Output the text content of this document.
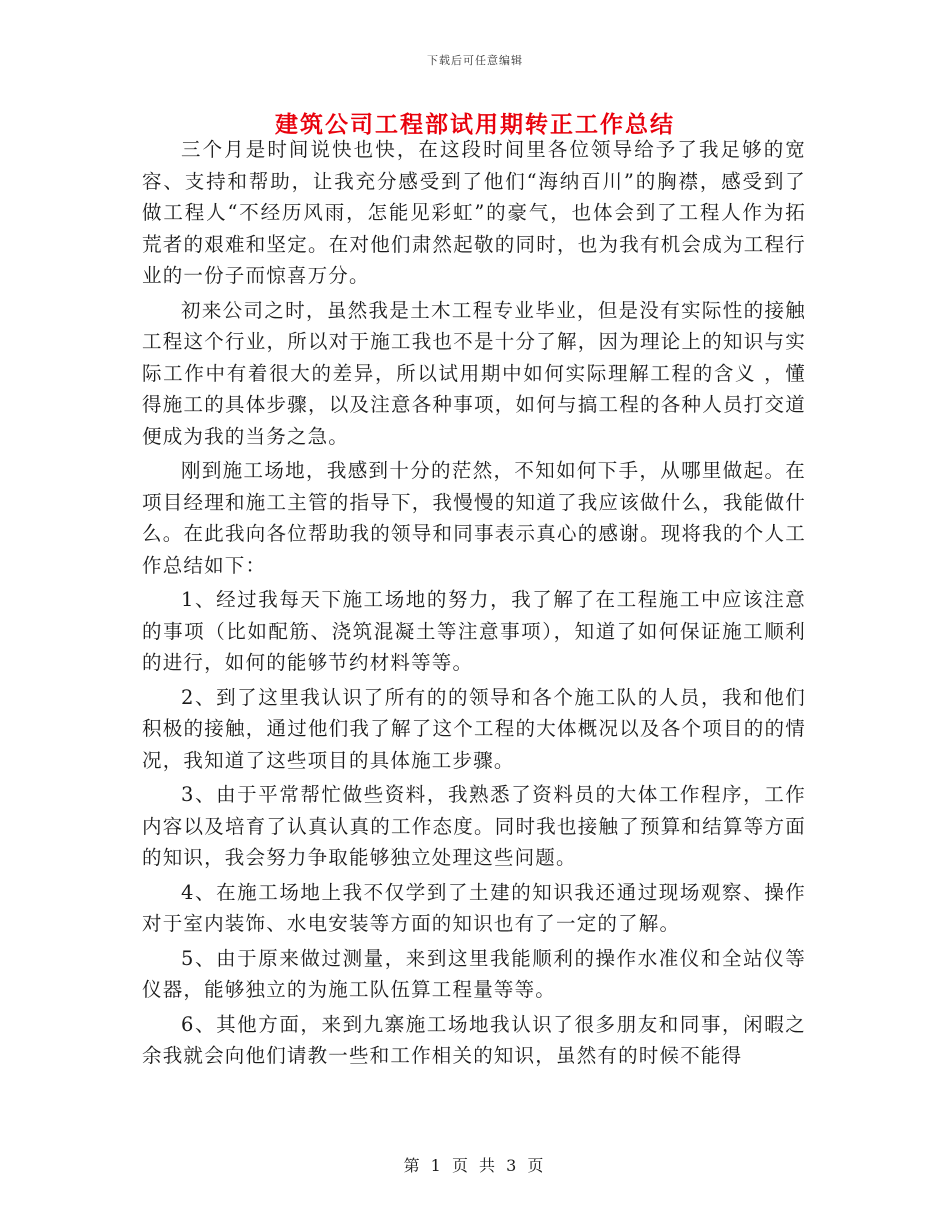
下载后可任意编辑
建筑公司工程部试用期转正工作总结

三个月是时间说快也快，在这段时间里各位领导给予了我足够的宽容、支持和帮助，让我充分感受到了他们“海纳百川”的胸襟，感受到了做工程人“不经历风雨，怎能见彩虹”的豪气，也体会到了工程人作为拓荒者的艰难和坚定。在对他们肃然起敬的同时，也为我有机会成为工程行业的一份子而惊喜万分。

初来公司之时，虽然我是土木工程专业毕业，但是没有实际性的接触工程这个行业，所以对于施工我也不是十分了解，因为理论上的知识与实际工作中有着很大的差异，所以试用期中如何实际理解工程的含义 ，懂得施工的具体步骤，以及注意各种事项，如何与搞工程的各种人员打交道便成为我的当务之急。

刚到施工场地，我感到十分的茫然，不知如何下手，从哪里做起。在项目经理和施工主管的指导下，我慢慢的知道了我应该做什么，我能做什么。在此我向各位帮助我的领导和同事表示真心的感谢。现将我的个人工作总结如下：

1、经过我每天下施工场地的努力，我了解了在工程施工中应该注意的事项（比如配筋、浇筑混凝土等注意事项），知道了如何保证施工顺利的进行，如何的能够节约材料等等。

2、到了这里我认识了所有的的领导和各个施工队的人员，我和他们积极的接触，通过他们我了解了这个工程的大体概况以及各个项目的的情况，我知道了这些项目的具体施工步骤。

3、由于平常帮忙做些资料，我熟悉了资料员的大体工作程序，工作内容以及培育了认真认真的工作态度。同时我也接触了预算和结算等方面的知识，我会努力争取能够独立处理这些问题。

4、在施工场地上我不仅学到了土建的知识我还通过现场观察、操作对于室内装饰、水电安装等方面的知识也有了一定的了解。

5、由于原来做过测量，来到这里我能顺利的操作水准仪和全站仪等仪器，能够独立的为施工队伍算工程量等等。

6、其他方面，来到九寨施工场地我认识了很多朋友和同事，闲暇之余我就会向他们请教一些和工作相关的知识，虽然有的时候不能得

第 1 页 共 3 页
